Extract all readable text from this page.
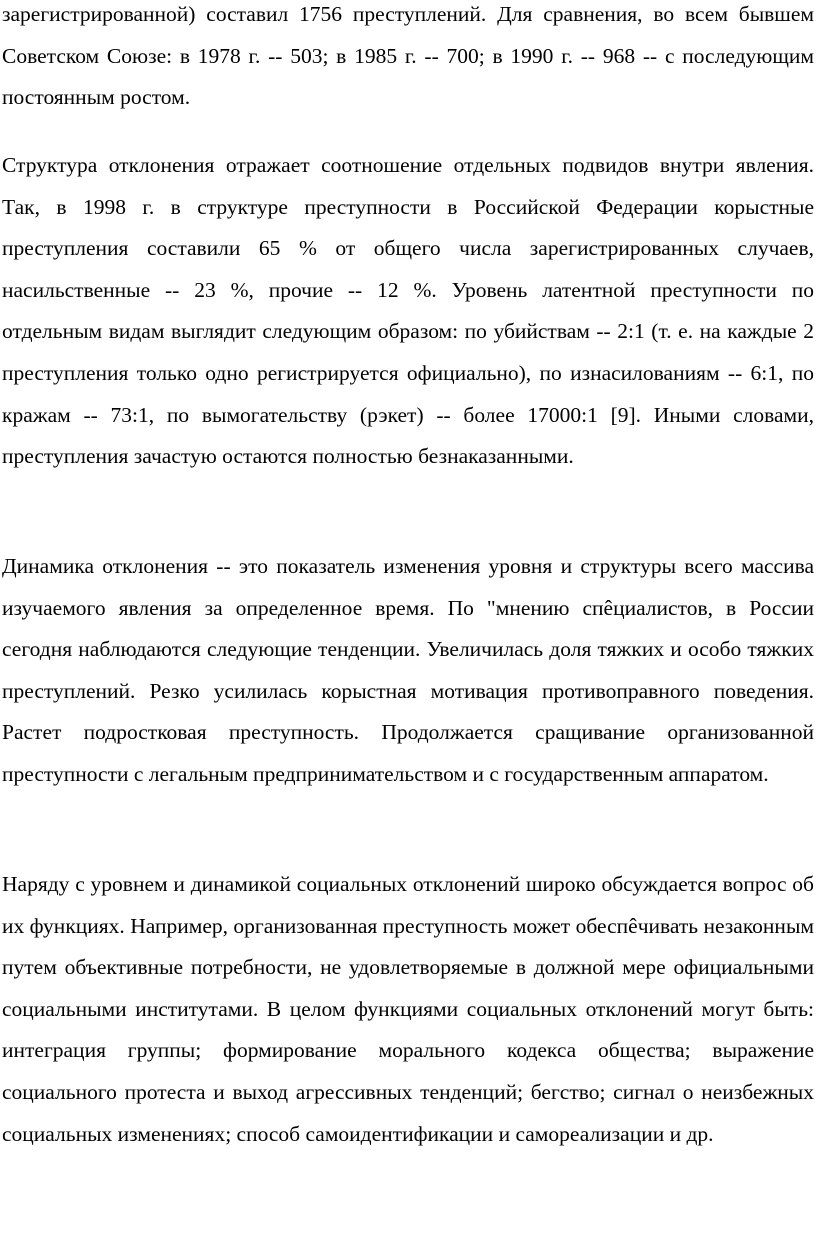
зарегистрированной) составил 1756 преступлений. Для сравнения, во всем бывшем Советском Союзе: в 1978 г. -- 503; в 1985 г. -- 700; в 1990 г. -- 968 -- с последующим постоянным ростом.

Структура отклонения отражает соотношение отдельных подвидов внутри явления. Так, в 1998 г. в структуре преступности в Российской Федерации корыстные преступления составили 65 % от общего числа зарегистрированных случаев, насильственные -- 23 %, прочие -- 12 %. Уровень латентной преступности по отдельным видам выглядит следующим образом: по убийствам -- 2:1 (т. е. на каждые 2 преступления только одно регистрируется официально), по изнасилованиям -- 6:1, по кражам -- 73:1, по вымогательству (рэкет) -- более 17000:1 [9]. Иными словами, преступления зачастую остаются полностью безнаказанными.

Динамика отклонения -- это показатель изменения уровня и структуры всего массива изучаемого явления за определенное время. По "мнению спêциалистов, в России сегодня наблюдаются следующие тенденции. Увеличилась доля тяжких и особо тяжких преступлений. Резко усилилась корыстная мотивация противоправного поведения. Растет подростковая преступность. Продолжается сращивание организованной преступности с легальным предпринимательством и с государственным аппаратом.

Наряду с уровнем и динамикой социальных отклонений широко обсуждается вопрос об их функциях. Например, организованная преступность может обеспêчивать незаконным путем объективные потребности, не удовлетворяемые в должной мере официальными социальными институтами. В целом функциями социальных отклонений могут быть: интеграция группы; формирование морального кодекса общества; выражение социального протеста и выход агрессивных тенденций; бегство; сигнал о неизбежных социальных изменениях; способ самоидентификации и самореализации и др.
